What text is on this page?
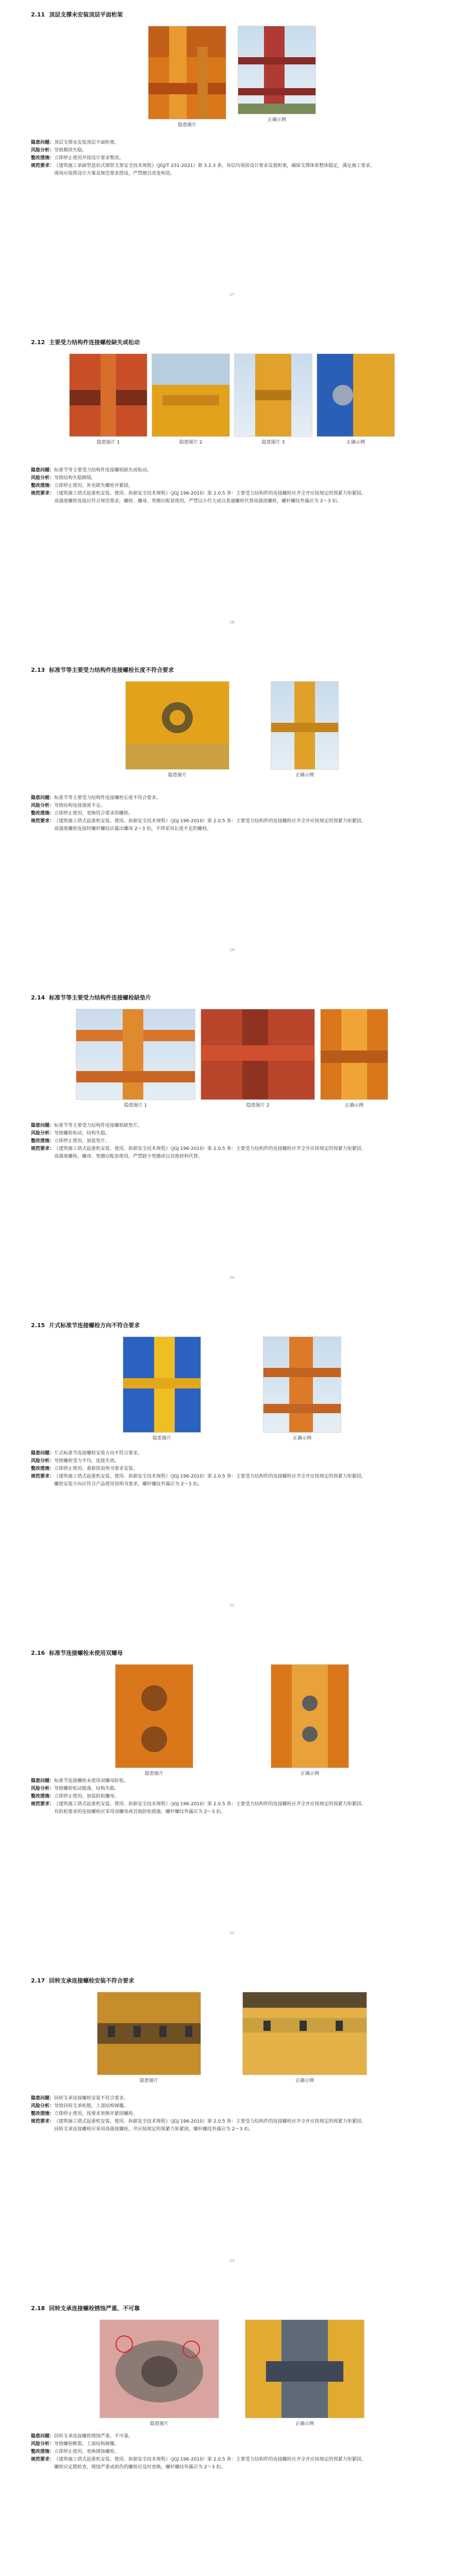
2.11 顶层支撑未安装顶层平面桁架
隐患图片
正确示例
隐患问题： 顶层支撑未安装顶层平面桁架。
风险分析： 导致模块失稳。
整改措施： 立即停止使用并按设计要求整改。
规范要求： 《建筑施工承插型盘扣式钢管支架安全技术规程》（JGJ/T 231-2021）第 3.2.3 条，每层均须按设计要求设置桁架，确保支撑体系整体稳定，满足施工要求。
现场应按照设计方案及规范要求搭设，严禁擅自改变构造。
17
2.12 主要受力结构件连接螺栓缺失或松动
隐患图片 1	隐患图片 2	隐患图片 3	正确示例
隐患问题： 标准节等主要受力结构件连接螺栓缺失或松动。
风险分析： 导致结构失稳倒塌。
整改措施： 立即停止使用，补充缺失螺栓并紧固。
规范要求： 《建筑施工塔式起重机安装、使用、拆卸安全技术规程》（JGJ 196-2010）第 2.0.5 条：主要受力结构件的连接螺栓应齐全并应按规定的预紧力矩紧固。
高强度螺栓连接应符合规范要求，螺栓、螺母、垫圈应配套使用，严禁以小代大或以普通螺栓代替高强度螺栓，螺杆螺纹外露应为 2～3 扣。
18
2.13 标准节等主要受力结构件连接螺栓长度不符合要求
隐患图片	正确示例
隐患问题： 标准节等主要受力结构件连接螺栓长度不符合要求。
风险分析： 导致结构连接强度不足。
整改措施： 立即停止使用，更换符合要求的螺栓。
规范要求： 《建筑施工塔式起重机安装、使用、拆卸安全技术规程》（JGJ 196-2010）第 2.0.5 条：主要受力结构件的连接螺栓应齐全并应按规定的预紧力矩紧固。
高强度螺栓连接时螺杆螺纹应露出螺母 2～3 扣，不得采用长度不足的螺栓。
19
2.14 标准节等主要受力结构件连接螺栓缺垫片
隐患图片 1	隐患图片 2	正确示例
隐患问题： 标准节等主要受力结构件连接螺栓缺垫片。
风险分析： 导致螺栓松动，结构失稳。
整改措施： 立即停止使用，加装垫片。
规范要求： 《建筑施工塔式起重机安装、使用、拆卸安全技术规程》（JGJ 196-2010）第 2.0.5 条：主要受力结构件的连接螺栓应齐全并应按规定的预紧力矩紧固。
高强度螺栓、螺母、垫圈应配套使用，严禁缺少垫圈或以其他材料代替。
20
2.15 片式标准节连接螺栓方向不符合要求
隐患图片	正确示例
隐患问题： 片式标准节连接螺栓安装方向不符合要求。
风险分析： 导致螺栓受力不均，连接失效。
整改措施： 立即停止使用，重新按说明书要求安装。
规范要求： 《建筑施工塔式起重机安装、使用、拆卸安全技术规程》（JGJ 196-2010）第 2.0.5 条：主要受力结构件的连接螺栓应齐全并应按规定的预紧力矩紧固。
螺栓安装方向应符合产品使用说明书要求，螺杆螺纹外露应为 2～3 扣。
21
2.16 标准节连接螺栓未使用双螺母
隐患图片	正确示例
隐患问题： 标准节连接螺栓未使用双螺母防松。
风险分析： 导致螺栓松动脱落，结构失稳。
整改措施： 立即停止使用，加装防松螺母。
规范要求： 《建筑施工塔式起重机安装、使用、拆卸安全技术规程》（JGJ 196-2010）第 2.0.5 条：主要受力结构件的连接螺栓应齐全并应按规定的预紧力矩紧固。
有防松要求的连接螺栓应采用双螺母或其他防松措施，螺杆螺纹外露应为 2～3 扣。
22
2.17 回转支承连接螺栓安装不符合要求
隐患图片	正确示例
隐患问题： 回转支承连接螺栓安装不符合要求。
风险分析： 导致回转支承松脱，上部结构倾覆。
整改措施： 立即停止使用，按要求更换并紧固螺栓。
规范要求： 《建筑施工塔式起重机安装、使用、拆卸安全技术规程》（JGJ 196-2010）第 2.0.5 条：主要受力结构件的连接螺栓应齐全并应按规定的预紧力矩紧固。
回转支承连接螺栓应采用高强度螺栓，并应按规定的预紧力矩紧固，螺杆螺纹外露应为 2～3 扣。
23
2.18 回转支承连接螺栓锈蚀严重、不可靠
隐患图片	正确示例
隐患问题： 回转支承连接螺栓锈蚀严重、不可靠。
风险分析： 导致螺栓断裂，上部结构倾覆。
整改措施： 立即停止使用，更换锈蚀螺栓。
规范要求： 《建筑施工塔式起重机安装、使用、拆卸安全技术规程》（JGJ 196-2010）第 2.0.5 条：主要受力结构件的连接螺栓应齐全并应按规定的预紧力矩紧固。
螺栓应定期检查，锈蚀严重或损伤的螺栓应及时更换，螺杆螺纹外露应为 2～3 扣。
